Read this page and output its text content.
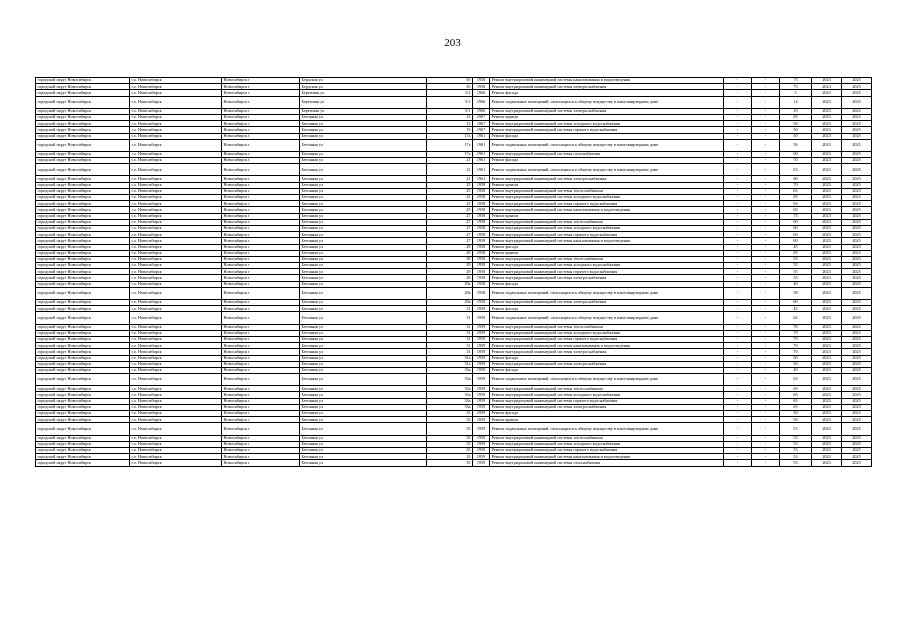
203
городской округ Новосибирск	г.о. Новосибирск	Новосибирск г	Бердская ул	3б	1958	Ремонт внутридомовой инженерной системы канализования и водоотведения	-	-	75	2023	2025
городской округ Новосибирск	г.о. Новосибирск	Новосибирск г	Бердская ул	3б	1958	Ремонт внутридомовой инженерной системы электроснабжения	-	-	75	2023	2025
городской округ Новосибирск	г.о. Новосибирск	Новосибирск г	Березовая ул	5/1	1966	Ремонт фасада	-	-	5	2023	2025
городской округ Новосибирск	г.о. Новосибирск	Новосибирск г	Березовая ул	5/1	1966	Ремонт подвальных помещений, относящихся к общему имуществу в многоквартирном доме	-	-	14	2023	2025
городской округ Новосибирск	г.о. Новосибирск	Новосибирск г	Березовая ул	5/1	1966	Ремонт внутридомовой инженерной системы электроснабжения	-	-	10	2023	2025
городской округ Новосибирск	г.о. Новосибирск	Новосибирск г	Бетонная ул	15	1967	Ремонт крыши	-	-	65	2023	2025
городской округ Новосибирск	г.о. Новосибирск	Новосибирск г	Бетонная ул	15	1967	Ремонт внутридомовой инженерной системы холодного водоснабжения	-	-	50	2023	2025
городской округ Новосибирск	г.о. Новосибирск	Новосибирск г	Бетонная ул	15	1967	Ремонт внутридомовой инженерной системы горячего водоснабжения	-	-	50	2023	2025
городской округ Новосибирск	г.о. Новосибирск	Новосибирск г	Бетонная ул	17а	1961	Ремонт фасада	-	-	50	2023	2025
городской округ Новосибирск	г.о. Новосибирск	Новосибирск г	Бетонная ул	17а	1961	Ремонт подвальных помещений, относящихся к общему имуществу в многоквартирном доме	-	-	56	2023	2025
городской округ Новосибирск	г.о. Новосибирск	Новосибирск г	Бетонная ул	17а	1961	Ремонт внутридомовой инженерной системы газоснабжения	-	-	60	2023	2025
городской округ Новосибирск	г.о. Новосибирск	Новосибирск г	Бетонная ул	21	1961	Ремонт фасада	-	-	70	2023	2025
городской округ Новосибирск	г.о. Новосибирск	Новосибирск г	Бетонная ул	21	1961	Ремонт подвальных помещений, относящихся к общему имуществу в многоквартирном доме	-	-	63	2023	2025
городской округ Новосибирск	г.о. Новосибирск	Новосибирск г	Бетонная ул	21	1961	Ремонт внутридомовой инженерной системы электроснабжения	-	-	60	2023	2025
городской округ Новосибирск	г.о. Новосибирск	Новосибирск г	Бетонная ул	25	1958	Ремонт крыши	-	-	70	2023	2025
городской округ Новосибирск	г.о. Новосибирск	Новосибирск г	Бетонная ул	25	1958	Ремонт внутридомовой инженерной системы теплоснабжения	-	-	65	2023	2025
городской округ Новосибирск	г.о. Новосибирск	Новосибирск г	Бетонная ул	25	1958	Ремонт внутридомовой инженерной системы холодного водоснабжения	-	-	65	2023	2025
городской округ Новосибирск	г.о. Новосибирск	Новосибирск г	Бетонная ул	25	1958	Ремонт внутридомовой инженерной системы горячего водоснабжения	-	-	65	2023	2025
городской округ Новосибирск	г.о. Новосибирск	Новосибирск г	Бетонная ул	25	1958	Ремонт внутридомовой инженерной системы канализования и водоотведения	-	-	65	2023	2025
городской округ Новосибирск	г.о. Новосибирск	Новосибирск г	Бетонная ул	27	1958	Ремонт крыши	-	-	75	2023	2025
городской округ Новосибирск	г.о. Новосибирск	Новосибирск г	Бетонная ул	27	1958	Ремонт внутридомовой инженерной системы теплоснабжения	-	-	60	2023	2025
городской округ Новосибирск	г.о. Новосибирск	Новосибирск г	Бетонная ул	27	1958	Ремонт внутридомовой инженерной системы холодного водоснабжения	-	-	60	2023	2025
городской округ Новосибирск	г.о. Новосибирск	Новосибирск г	Бетонная ул	27	1958	Ремонт внутридомовой инженерной системы горячего водоснабжения	-	-	60	2023	2025
городской округ Новосибирск	г.о. Новосибирск	Новосибирск г	Бетонная ул	27	1958	Ремонт внутридомовой инженерной системы канализования и водоотведения	-	-	60	2023	2025
городской округ Новосибирск	г.о. Новосибирск	Новосибирск г	Бетонная ул	29	1958	Ремонт фасада	-	-	45	2023	2025
городской округ Новосибирск	г.о. Новосибирск	Новосибирск г	Бетонная ул	29	1958	Ремонт крыши	-	-	65	2023	2025
городской округ Новосибирск	г.о. Новосибирск	Новосибирск г	Бетонная ул	29	1958	Ремонт внутридомовой инженерной системы теплоснабжения	-	-	55	2023	2025
городской округ Новосибирск	г.о. Новосибирск	Новосибирск г	Бетонная ул	29	1958	Ремонт внутридомовой инженерной системы холодного водоснабжения	-	-	55	2023	2025
городской округ Новосибирск	г.о. Новосибирск	Новосибирск г	Бетонная ул	29	1958	Ремонт внутридомовой инженерной системы горячего водоснабжения	-	-	55	2023	2025
городской округ Новосибирск	г.о. Новосибирск	Новосибирск г	Бетонная ул	29	1958	Ремонт внутридомовой инженерной системы электроснабжения	-	-	55	2023	2025
городской округ Новосибирск	г.о. Новосибирск	Новосибирск г	Бетонная ул	29а	1958	Ремонт фасада	-	-	40	2023	2025
городской округ Новосибирск	г.о. Новосибирск	Новосибирск г	Бетонная ул	29а	1958	Ремонт подвальных помещений, относящихся к общему имуществу в многоквартирном доме	-	-	58	2023	2025
городской округ Новосибирск	г.о. Новосибирск	Новосибирск г	Бетонная ул	29а	1958	Ремонт внутридомовой инженерной системы электроснабжения	-	-	60	2023	2025
городской округ Новосибирск	г.о. Новосибирск	Новосибирск г	Бетонная ул	31	1959	Ремонт фасада	-	-	45	2023	2025
городской округ Новосибирск	г.о. Новосибирск	Новосибирск г	Бетонная ул	31	1959	Ремонт подвальных помещений, относящихся к общему имуществу в многоквартирном доме	-	-	62	2023	2025
городской округ Новосибирск	г.о. Новосибирск	Новосибирск г	Бетонная ул	31	1959	Ремонт внутридомовой инженерной системы теплоснабжения	-	-	70	2023	2025
городской округ Новосибирск	г.о. Новосибирск	Новосибирск г	Бетонная ул	31	1959	Ремонт внутридомовой инженерной системы холодного водоснабжения	-	-	70	2023	2025
городской округ Новосибирск	г.о. Новосибирск	Новосибирск г	Бетонная ул	31	1959	Ремонт внутридомовой инженерной системы горячего водоснабжения	-	-	70	2023	2025
городской округ Новосибирск	г.о. Новосибирск	Новосибирск г	Бетонная ул	31	1959	Ремонт внутридомовой инженерной системы канализования и водоотведения	-	-	70	2023	2025
городской округ Новосибирск	г.о. Новосибирск	Новосибирск г	Бетонная ул	31	1959	Ремонт внутридомовой инженерной системы электроснабжения	-	-	70	2023	2025
городской округ Новосибирск	г.о. Новосибирск	Новосибирск г	Бетонная ул	31а	1959	Ремонт фасада	-	-	50	2023	2025
городской округ Новосибирск	г.о. Новосибирск	Новосибирск г	Бетонная ул	31а	1959	Ремонт внутридомовой инженерной системы электроснабжения	-	-	50	2023	2025
городской округ Новосибирск	г.о. Новосибирск	Новосибирск г	Бетонная ул	33а	1959	Ремонт фасада	-	-	40	2023	2025
городской округ Новосибирск	г.о. Новосибирск	Новосибирск г	Бетонная ул	33а	1959	Ремонт подвальных помещений, относящихся к общему имуществу в многоквартирном доме	-	-	63	2023	2025
городской округ Новосибирск	г.о. Новосибирск	Новосибирск г	Бетонная ул	33а	1959	Ремонт внутридомовой инженерной системы теплоснабжения	-	-	65	2023	2025
городской округ Новосибирск	г.о. Новосибирск	Новосибирск г	Бетонная ул	33а	1959	Ремонт внутридомовой инженерной системы холодного водоснабжения	-	-	65	2023	2025
городской округ Новосибирск	г.о. Новосибирск	Новосибирск г	Бетонная ул	33а	1959	Ремонт внутридомовой инженерной системы горячего водоснабжения	-	-	65	2023	2025
городской округ Новосибирск	г.о. Новосибирск	Новосибирск г	Бетонная ул	33а	1959	Ремонт внутридомовой инженерной системы электроснабжения	-	-	65	2023	2025
городской округ Новосибирск	г.о. Новосибирск	Новосибирск г	Бетонная ул	35	1959	Ремонт фасада	-	-	30	2023	2025
городской округ Новосибирск	г.о. Новосибирск	Новосибирск г	Бетонная ул	35	1959	Ремонт крыши	-	-	50	2023	2025
городской округ Новосибирск	г.о. Новосибирск	Новосибирск г	Бетонная ул	35	1959	Ремонт подвальных помещений, относящихся к общему имуществу в многоквартирном доме	-	-	53	2023	2025
городской округ Новосибирск	г.о. Новосибирск	Новосибирск г	Бетонная ул	35	1959	Ремонт внутридомовой инженерной системы теплоснабжения	-	-	53	2023	2025
городской округ Новосибирск	г.о. Новосибирск	Новосибирск г	Бетонная ул	35	1959	Ремонт внутридомовой инженерной системы холодного водоснабжения	-	-	53	2023	2025
городской округ Новосибирск	г.о. Новосибирск	Новосибирск г	Бетонная ул	35	1959	Ремонт внутридомовой инженерной системы горячего водоснабжения	-	-	53	2023	2025
городской округ Новосибирск	г.о. Новосибирск	Новосибирск г	Бетонная ул	35	1959	Ремонт внутридомовой инженерной системы канализования и водоотведения	-	-	53	2023	2025
городской округ Новосибирск	г.о. Новосибирск	Новосибирск г	Бетонная ул	35	1959	Ремонт внутридомовой инженерной системы газоснабжения	-	-	53	2023	2025
